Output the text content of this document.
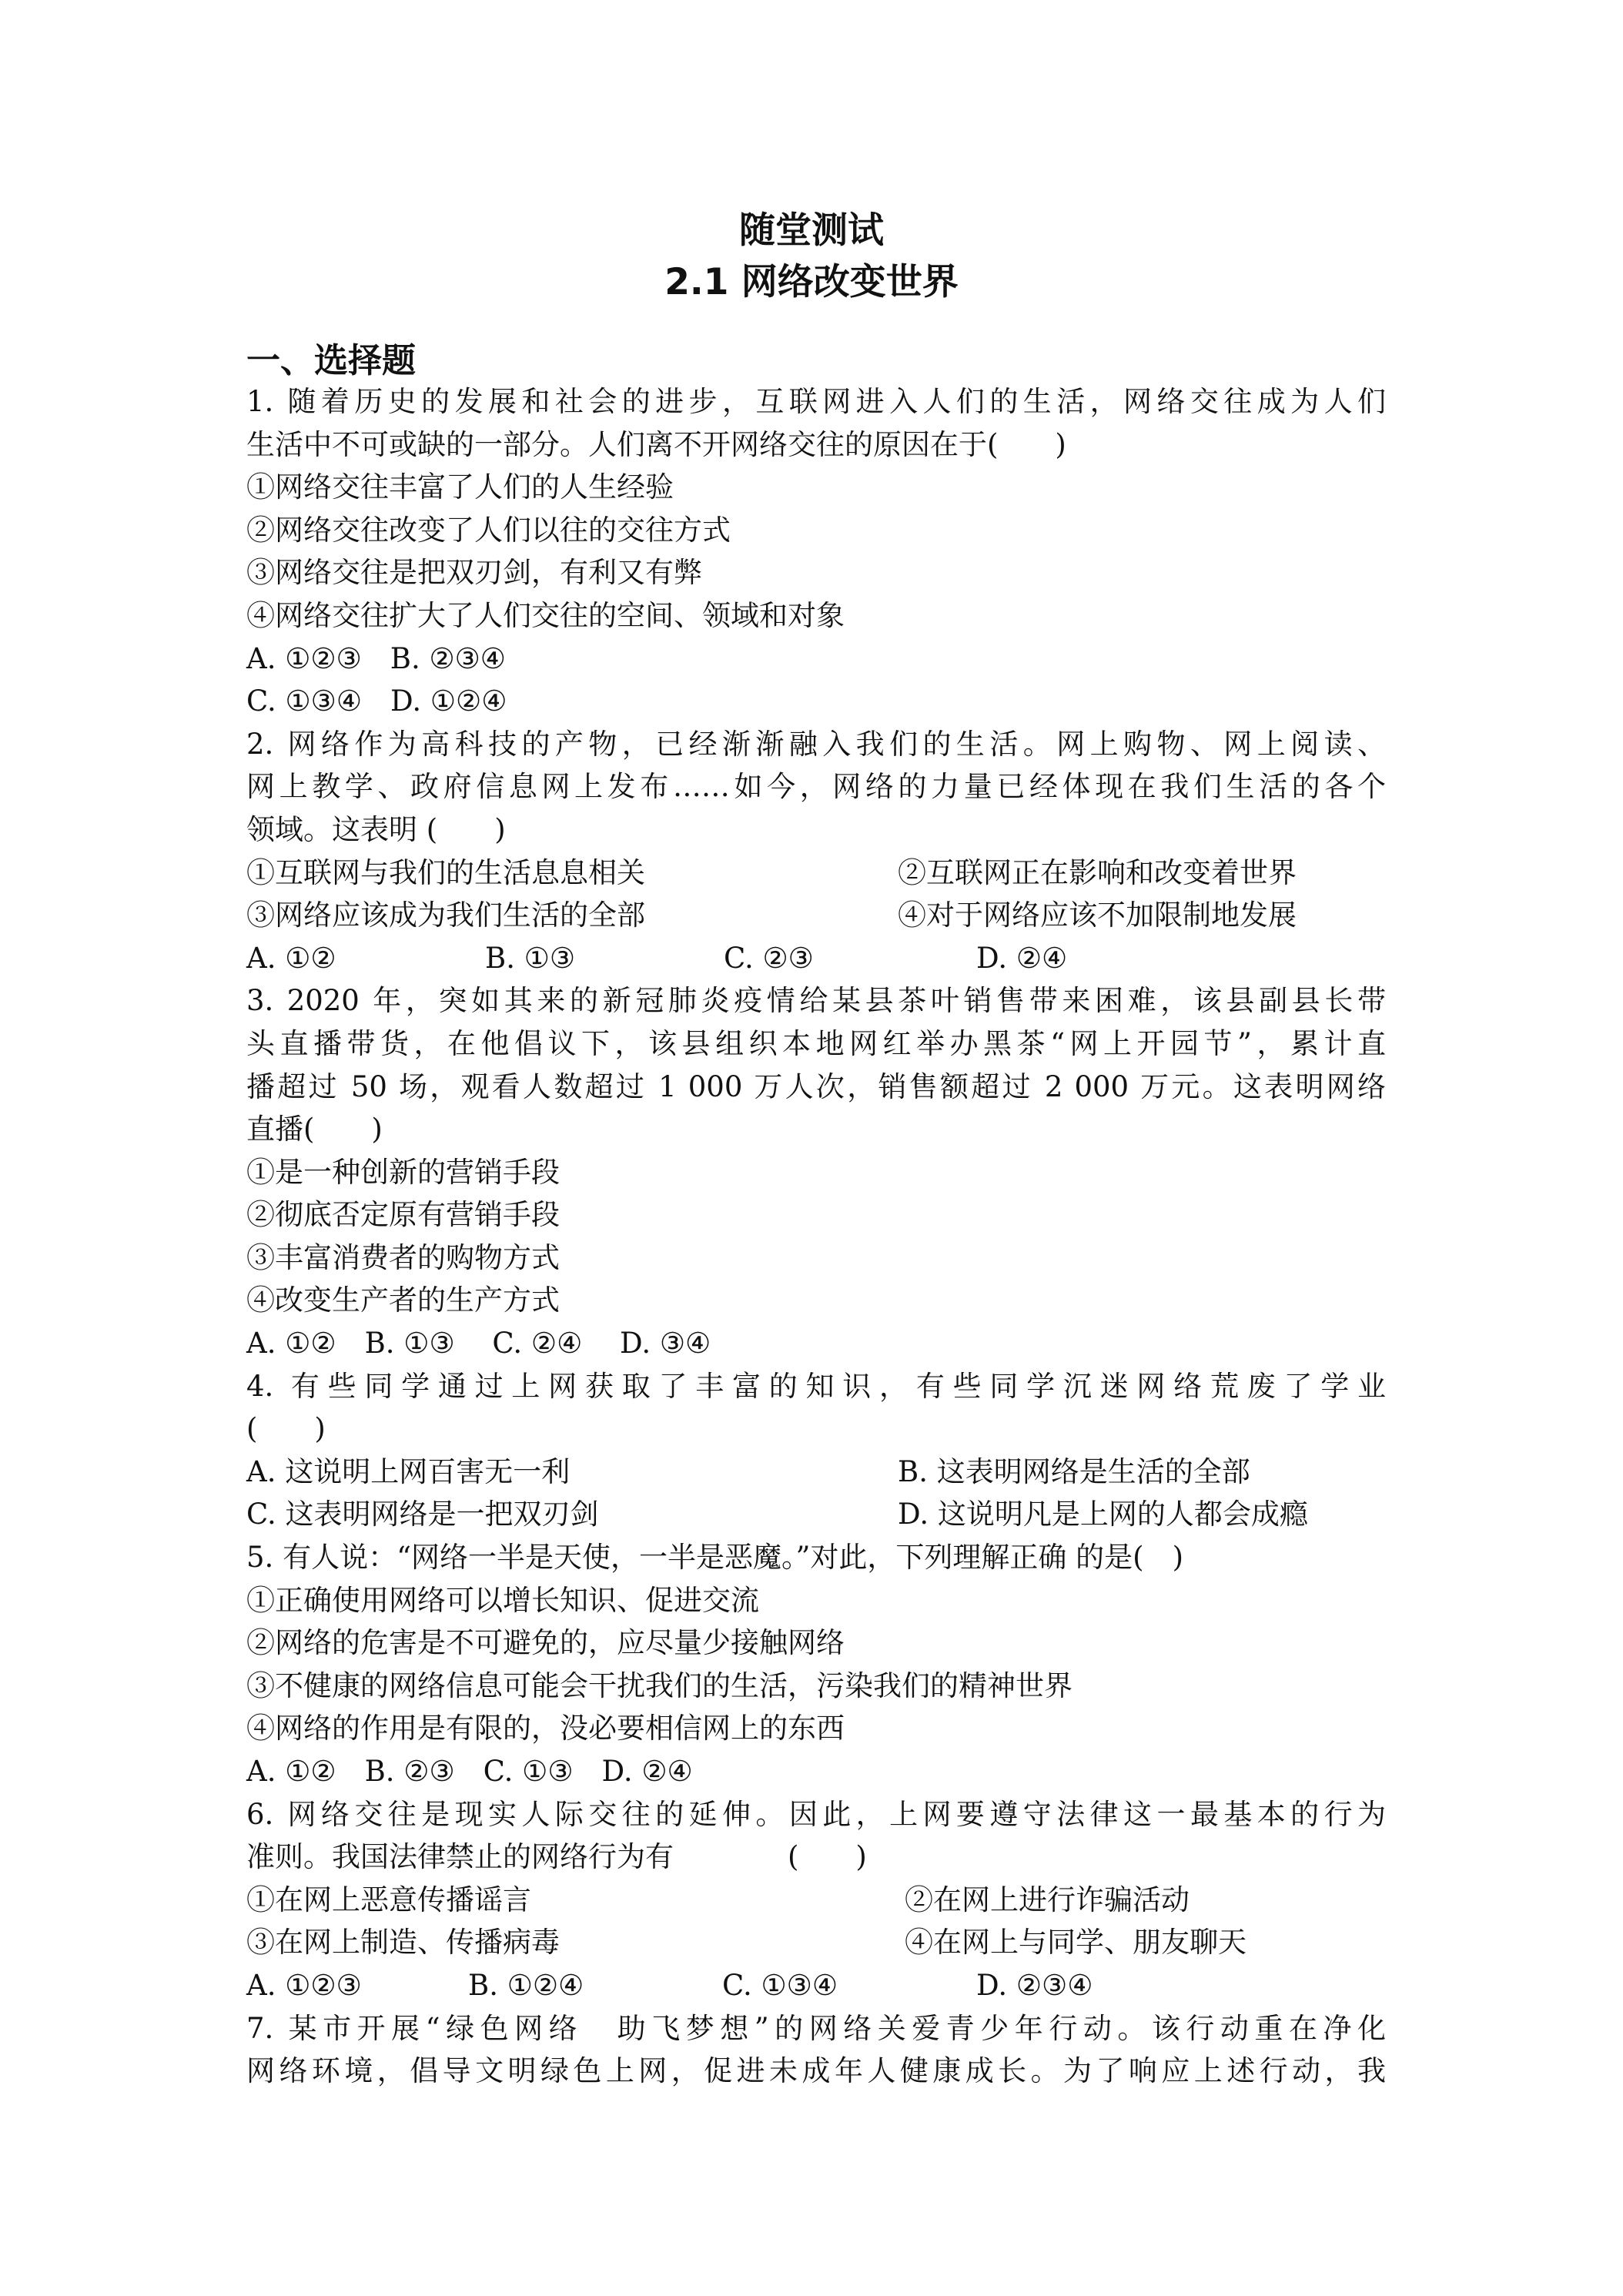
随堂测试
2.1 网络改变世界
一、选择题
1. 随着历史的发展和社会的进步，互联网进入人们的生活，网络交往成为人们
生活中不可或缺的一部分。人们离不开网络交往的原因在于(　　)
①网络交往丰富了人们的人生经验
②网络交往改变了人们以往的交往方式
③网络交往是把双刃剑，有利又有弊
④网络交往扩大了人们交往的空间、领域和对象
A. ①②③　B. ②③④
C. ①③④　D. ①②④
2. 网络作为高科技的产物，已经渐渐融入我们的生活。网上购物、网上阅读、
网上教学、政府信息网上发布……如今，网络的力量已经体现在我们生活的各个
领域。这表明 (　　)
①互联网与我们的生活息息相关	②互联网正在影响和改变着世界
③网络应该成为我们生活的全部	④对于网络应该不加限制地发展
A. ①②	B. ①③	C. ②③	D. ②④
3. 2020 年，突如其来的新冠肺炎疫情给某县茶叶销售带来困难，该县副县长带
头直播带货，在他倡议下，该县组织本地网红举办黑茶“网上开园节”，累计直
播超过 50 场，观看人数超过 1 000 万人次，销售额超过 2 000 万元。这表明网络
直播(　　)
①是一种创新的营销手段
②彻底否定原有营销手段
③丰富消费者的购物方式
④改变生产者的生产方式
A. ①②　B. ①③　 C. ②④　 D. ③④
4. 有些同学通过上网获取了丰富的知识，有些同学沉迷网络荒废了学业
(　　)
A. 这说明上网百害无一利	B. 这表明网络是生活的全部
C. 这表明网络是一把双刃剑	D. 这说明凡是上网的人都会成瘾
5. 有人说：“网络一半是天使，一半是恶魔。”对此，下列理解正确 的是(　)
①正确使用网络可以增长知识、促进交流
②网络的危害是不可避免的，应尽量少接触网络
③不健康的网络信息可能会干扰我们的生活，污染我们的精神世界
④网络的作用是有限的，没必要相信网上的东西
A. ①②　B. ②③　C. ①③　D. ②④
6. 网络交往是现实人际交往的延伸。因此，上网要遵守法律这一最基本的行为
准则。我国法律禁止的网络行为有　　　　(　　)
①在网上恶意传播谣言	②在网上进行诈骗活动
③在网上制造、传播病毒	④在网上与同学、朋友聊天
A. ①②③	B. ①②④	C. ①③④	D. ②③④
7. 某市开展“绿色网络　助飞梦想”的网络关爱青少年行动。该行动重在净化
网络环境，倡导文明绿色上网，促进未成年人健康成长。为了响应上述行动，我
